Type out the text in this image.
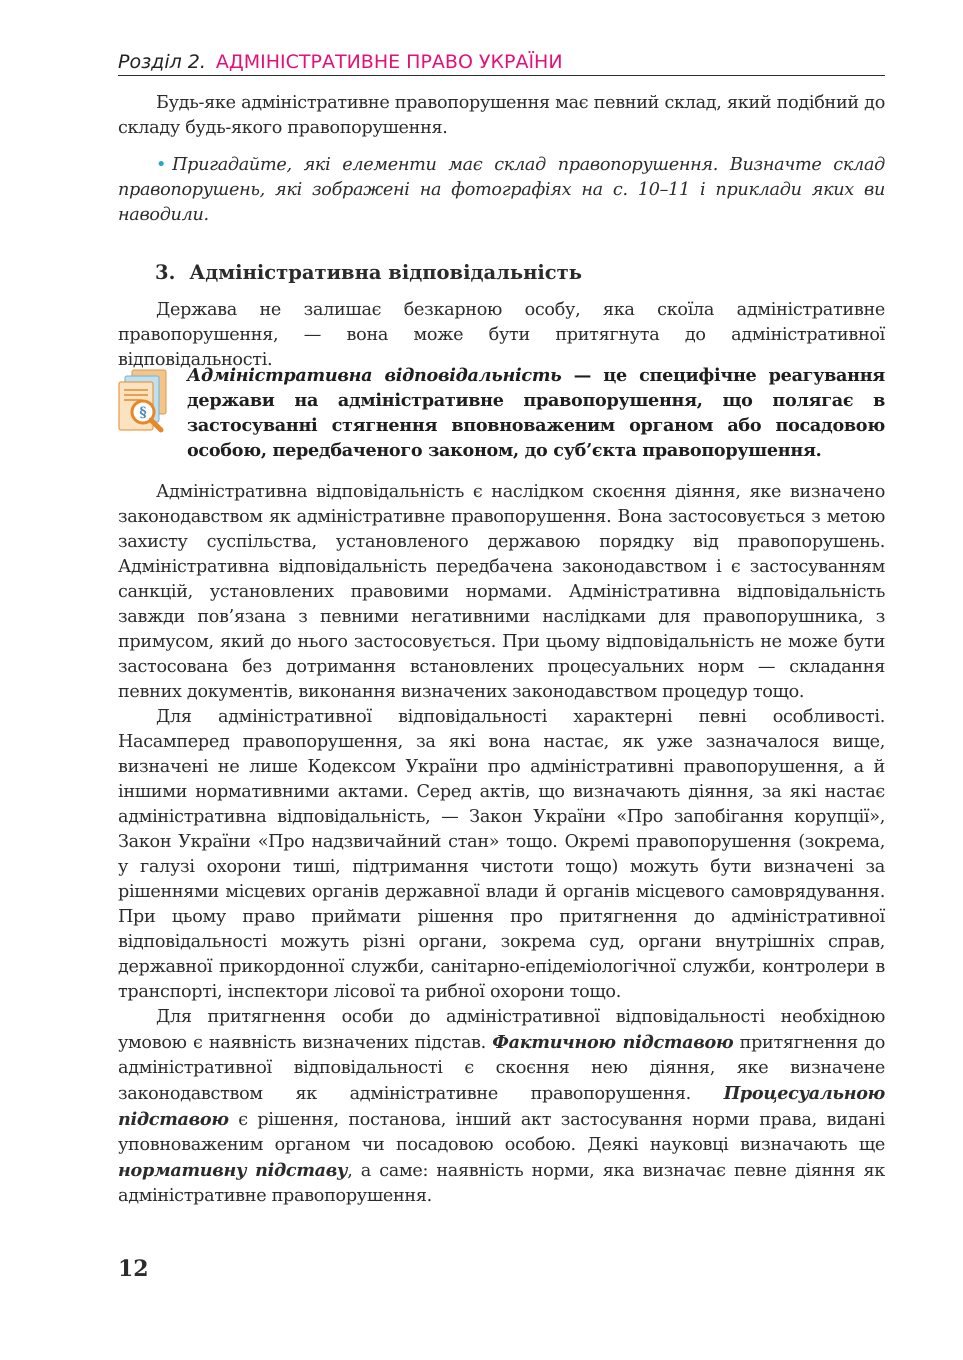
Розділ 2. АДМІНІСТРАТИВНЕ ПРАВО УКРАЇНИ

Будь-яке адміністративне правопорушення має певний склад, який подібний до складу будь-якого правопорушення.

• Пригадайте, які елементи має склад правопорушення. Визначте склад правопорушень, які зображені на фотографіях на с. 10–11 і приклади яких ви наводили.
3. Адміністративна відповідальність

Держава не залишає безкарною особу, яка скоїла адміністративне правопорушення, — вона може бути притягнута до адміністративної відповідальності.

§
Адміністративна відповідальність — це специфічне реагування держави на адміністративне правопорушення, що полягає в застосуванні стягнення вповноваженим органом або посадовою особою, передбаченого законом, до суб’єкта правопорушення.

Адміністративна відповідальність є наслідком скоєння діяння, яке визначено законодавством як адміністративне правопорушення. Вона застосовується з метою захисту суспільства, установленого державою порядку від правопорушень. Адміністративна відповідальність передбачена законодавством і є застосуванням санкцій, установлених правовими нормами. Адміністративна відповідальність завжди пов’язана з певними негативними наслідками для правопорушника, з примусом, який до нього застосовується. При цьому відповідальність не може бути застосована без дотримання встановлених процесуальних норм — складання певних документів, виконання визначених законодавством процедур тощо.

Для адміністративної відповідальності характерні певні особливості. Насамперед правопорушення, за які вона настає, як уже зазначалося вище, визначені не лише Кодексом України про адміністративні правопорушення, а й іншими нормативними актами. Серед актів, що визначають діяння, за які настає адміністративна відповідальність, — Закон України «Про запобігання корупції», Закон України «Про надзвичайний стан» тощо. Окремі правопорушення (зокрема, у галузі охорони тиші, підтримання чистоти тощо) можуть бути визначені за рішеннями місцевих органів державної влади й органів місцевого самоврядування. При цьому право приймати рішення про притягнення до адміністративної відповідальності можуть різні органи, зокрема суд, органи внутрішніх справ, державної прикордонної служби, санітарно-епідеміологічної служби, контролери в транспорті, інспектори лісової та рибної охорони тощо.

Для притягнення особи до адміністративної відповідальності необхідною умовою є наявність визначених підстав. Фактичною підставою притягнення до адміністративної відповідальності є скоєння нею діяння, яке визначене законодавством як адміністративне правопорушення. Процесуальною підставою є рішення, постанова, інший акт застосування норми права, видані уповноваженим органом чи посадовою особою. Деякі науковці визначають ще нормативну підставу, а саме: наявність норми, яка визначає певне діяння як адміністративне правопорушення.

12
